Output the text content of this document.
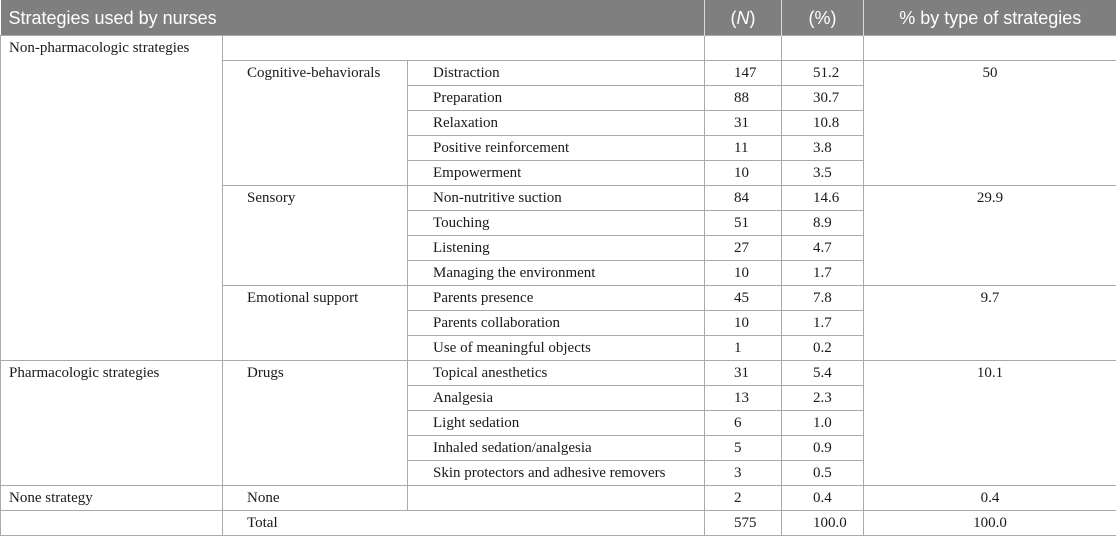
Strategies used by nurses			(N)	(%)	% by type of strategies
Non-pharmacologic strategies					
	Cognitive-behaviorals	Distraction	147	51.2	50
		Preparation	88	30.7	
		Relaxation	31	10.8	
		Positive reinforcement	11	3.8	
		Empowerment	10	3.5	
	Sensory	Non-nutritive suction	84	14.6	29.9
		Touching	51	8.9	
		Listening	27	4.7	
		Managing the environment	10	1.7	
	Emotional support	Parents presence	45	7.8	9.7
		Parents collaboration	10	1.7	
		Use of meaningful objects	1	0.2	
Pharmacologic strategies	Drugs	Topical anesthetics	31	5.4	10.1
		Analgesia	13	2.3	
		Light sedation	6	1.0	
		Inhaled sedation/analgesia	5	0.9	
		Skin protectors and adhesive removers	3	0.5	
None strategy	None		2	0.4	0.4
	Total		575	100.0	100.0
